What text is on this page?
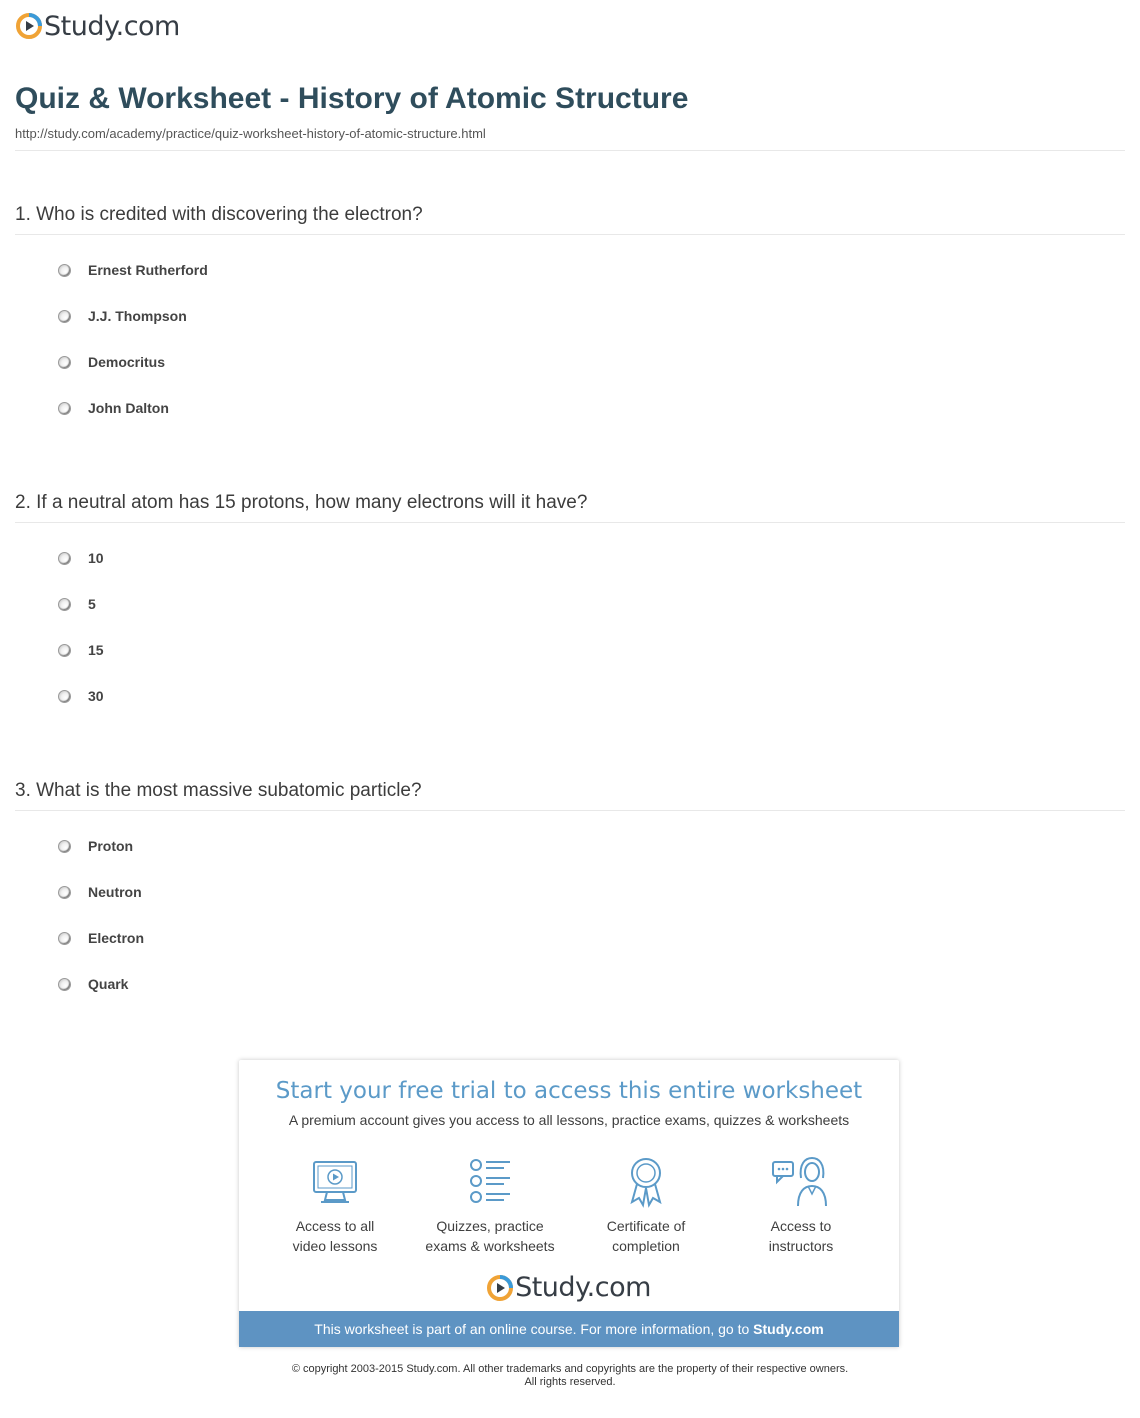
Study.com
Quiz & Worksheet - History of Atomic Structure
http://study.com/academy/practice/quiz-worksheet-history-of-atomic-structure.html
1. Who is credited with discovering the electron?
Ernest Rutherford
J.J. Thompson
Democritus
John Dalton
2. If a neutral atom has 15 protons, how many electrons will it have?
10
5
15
30
3. What is the most massive subatomic particle?
Proton
Neutron
Electron
Quark
Start your free trial to access this entire worksheet
A premium account gives you access to all lessons, practice exams, quizzes & worksheets
Access to all
video lessons
Quizzes, practice
exams & worksheets
Certificate of
completion
Access to
instructors
Study.com
This worksheet is part of an online course. For more information, go to Study.com
© copyright 2003-2015 Study.com. All other trademarks and copyrights are the property of their respective owners.
All rights reserved.
